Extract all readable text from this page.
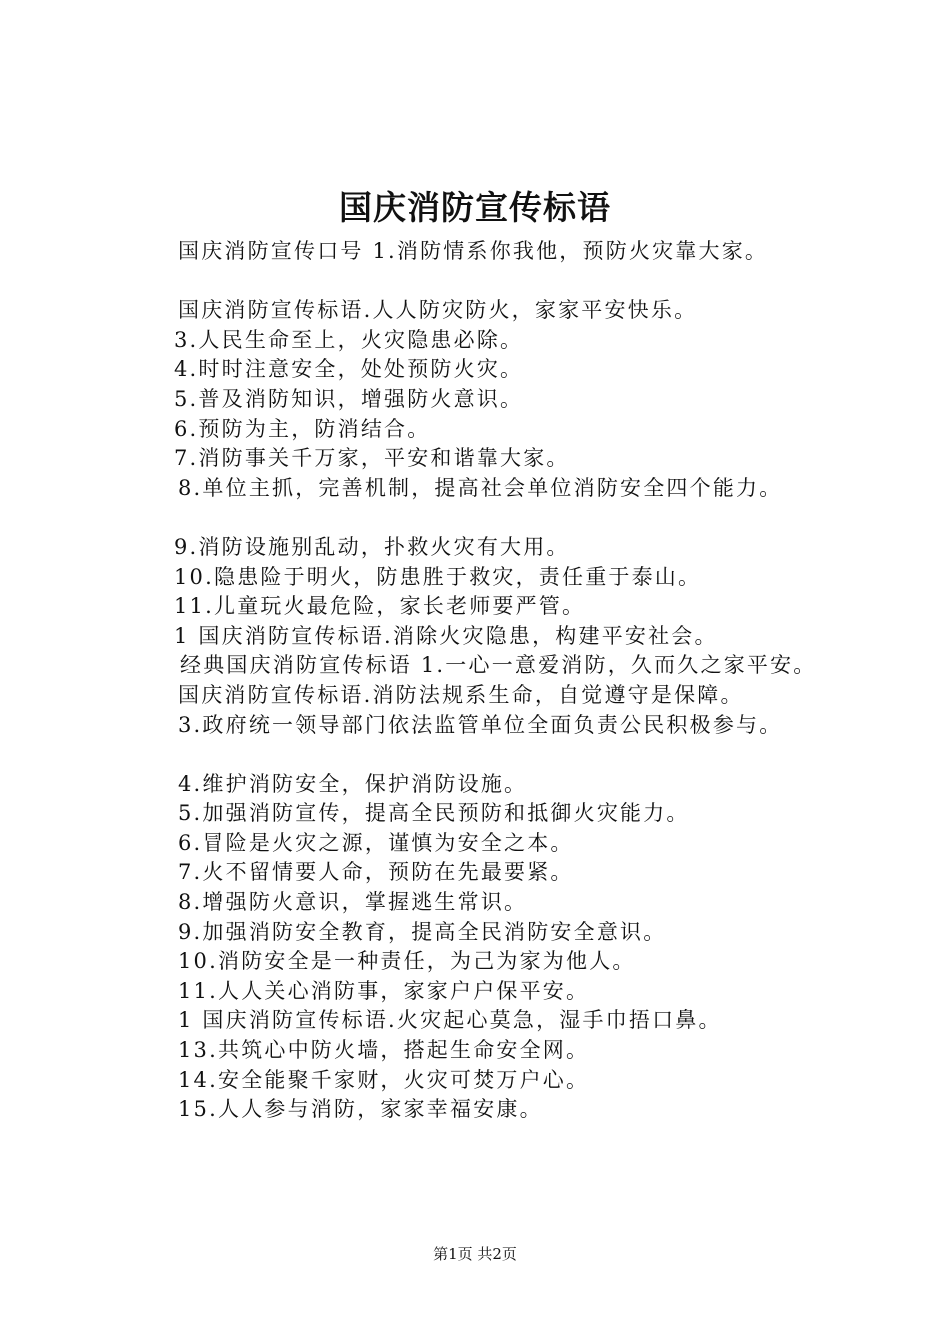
国庆消防宣传标语
国庆消防宣传口号 1.消防情系你我他，预防火灾靠大家。
国庆消防宣传标语.人人防灾防火，家家平安快乐。
3.人民生命至上，火灾隐患必除。
4.时时注意安全，处处预防火灾。
5.普及消防知识，增强防火意识。
6.预防为主，防消结合。
7.消防事关千万家，平安和谐靠大家。
8.单位主抓，完善机制，提高社会单位消防安全四个能力。
9.消防设施别乱动，扑救火灾有大用。
10.隐患险于明火，防患胜于救灾，责任重于泰山。
11.儿童玩火最危险，家长老师要严管。
1 国庆消防宣传标语.消除火灾隐患，构建平安社会。
经典国庆消防宣传标语 1.一心一意爱消防，久而久之家平安。
国庆消防宣传标语.消防法规系生命，自觉遵守是保障。
3.政府统一领导部门依法监管单位全面负责公民积极参与。
4.维护消防安全，保护消防设施。
5.加强消防宣传，提高全民预防和抵御火灾能力。
6.冒险是火灾之源，谨慎为安全之本。
7.火不留情要人命，预防在先最要紧。
8.增强防火意识，掌握逃生常识。
9.加强消防安全教育，提高全民消防安全意识。
10.消防安全是一种责任，为己为家为他人。
11.人人关心消防事，家家户户保平安。
1 国庆消防宣传标语.火灾起心莫急，湿手巾捂口鼻。
13.共筑心中防火墙，搭起生命安全网。
14.安全能聚千家财，火灾可焚万户心。
15.人人参与消防，家家幸福安康。
第1页 共2页
